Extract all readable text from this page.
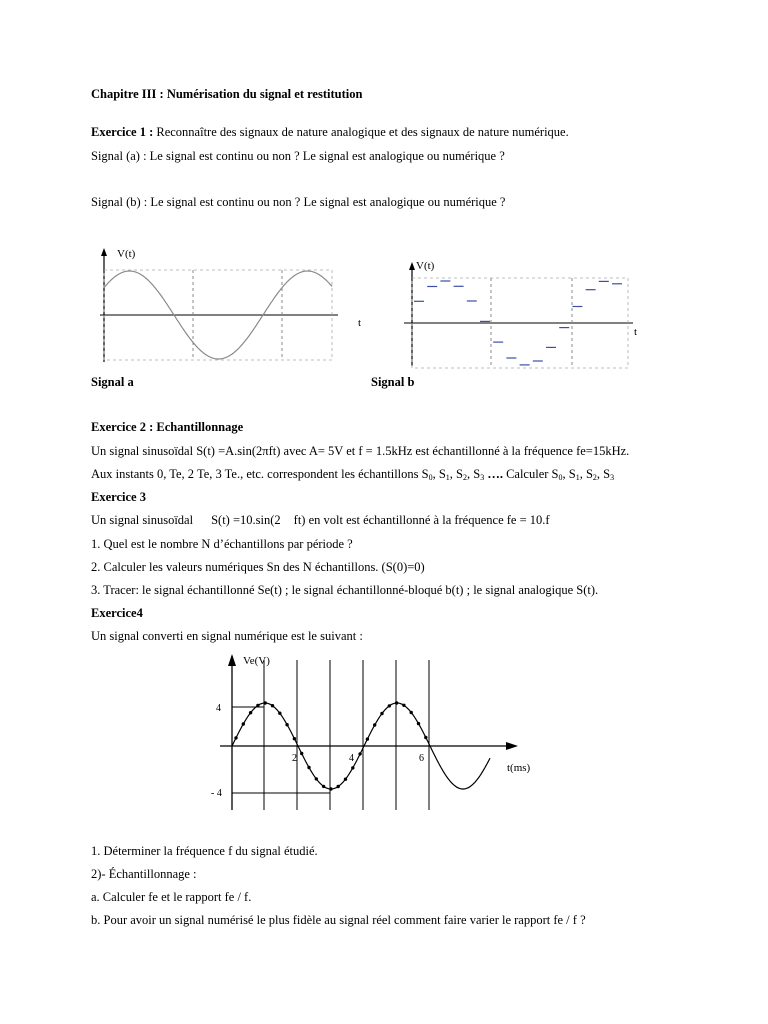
Chapitre III : Numérisation du signal et restitution
Exercice 1 : Reconnaître des signaux de nature analogique et des signaux de nature numérique.
Signal (a) : Le signal est continu ou non ? Le signal est analogique ou numérique ?
Signal (b) : Le signal est continu ou non ? Le signal est analogique ou numérique ?
V(t)
t
V(t)
t
Signal a	Signal b
Exercice 2 : Echantillonnage
Un signal sinusoïdal S(t) =A.sin(2πft) avec A= 5V et f = 1.5kHz est échantillonné à la fréquence fe=15kHz.
Aux instants 0, Te, 2 Te, 3 Te., etc. correspondent les échantillons $S_0$, $S_1$, $S_2$, $S_3$ …. Calculer $S_0$, $S_1$, $S_2$, $S_3$
Exercice 3
Un signal sinusoïdal S(t) =10.sin(2 ft) en volt est échantillonné à la fréquence fe = 10.f
1. Quel est le nombre N d’échantillons par période ?
2. Calculer les valeurs numériques Sn des N échantillons. (S(0)=0)
3. Tracer: le signal échantillonné Se(t) ; le signal échantillonné-bloqué b(t) ; le signal analogique S(t).
Exercice4
Un signal converti en signal numérique est le suivant :
Ve(V)
t(ms)
4
- 4
2	4	6
1. Déterminer la fréquence f du signal étudié.
2)- Échantillonnage :
a. Calculer fe et le rapport fe / f.
b. Pour avoir un signal numérisé le plus fidèle au signal réel comment faire varier le rapport fe / f ?
